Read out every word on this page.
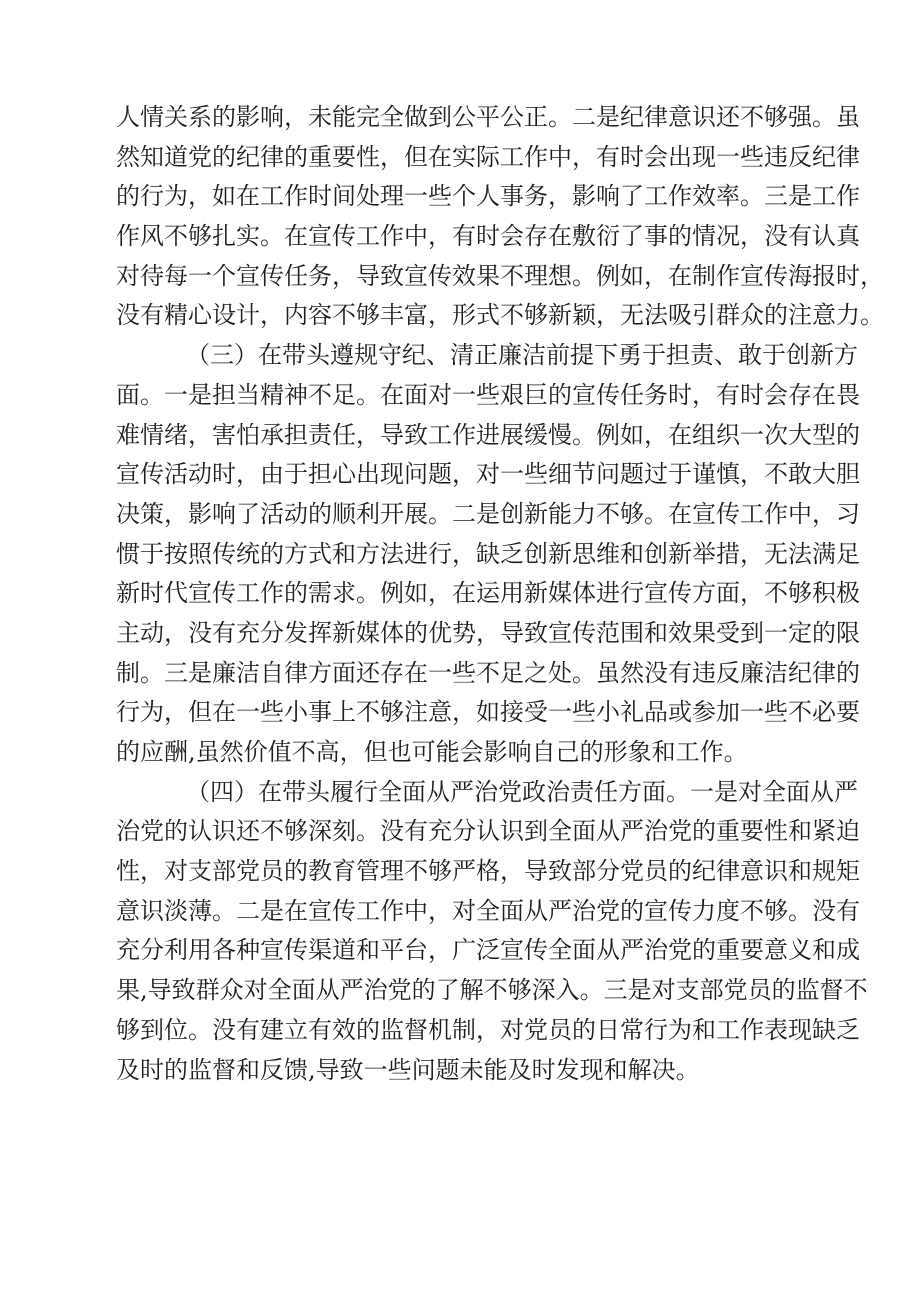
人情关系的影响，未能完全做到公平公正。二是纪律意识还不够强。虽
然知道党的纪律的重要性，但在实际工作中，有时会出现一些违反纪律
的行为，如在工作时间处理一些个人事务，影响了工作效率。三是工作
作风不够扎实。在宣传工作中，有时会存在敷衍了事的情况，没有认真
对待每一个宣传任务，导致宣传效果不理想。例如，在制作宣传海报时，
没有精心设计，内容不够丰富，形式不够新颖，无法吸引群众的注意力。
（三）在带头遵规守纪、清正廉洁前提下勇于担责、敢于创新方
面。一是担当精神不足。在面对一些艰巨的宣传任务时，有时会存在畏
难情绪，害怕承担责任，导致工作进展缓慢。例如，在组织一次大型的
宣传活动时，由于担心出现问题，对一些细节问题过于谨慎，不敢大胆
决策，影响了活动的顺利开展。二是创新能力不够。在宣传工作中，习
惯于按照传统的方式和方法进行，缺乏创新思维和创新举措，无法满足
新时代宣传工作的需求。例如，在运用新媒体进行宣传方面，不够积极
主动，没有充分发挥新媒体的优势，导致宣传范围和效果受到一定的限
制。三是廉洁自律方面还存在一些不足之处。虽然没有违反廉洁纪律的
行为，但在一些小事上不够注意，如接受一些小礼品或参加一些不必要
的应酬,虽然价值不高，但也可能会影响自己的形象和工作。
（四）在带头履行全面从严治党政治责任方面。一是对全面从严
治党的认识还不够深刻。没有充分认识到全面从严治党的重要性和紧迫
性，对支部党员的教育管理不够严格，导致部分党员的纪律意识和规矩
意识淡薄。二是在宣传工作中，对全面从严治党的宣传力度不够。没有
充分利用各种宣传渠道和平台，广泛宣传全面从严治党的重要意义和成
果,导致群众对全面从严治党的了解不够深入。三是对支部党员的监督不
够到位。没有建立有效的监督机制，对党员的日常行为和工作表现缺乏
及时的监督和反馈,导致一些问题未能及时发现和解决。
